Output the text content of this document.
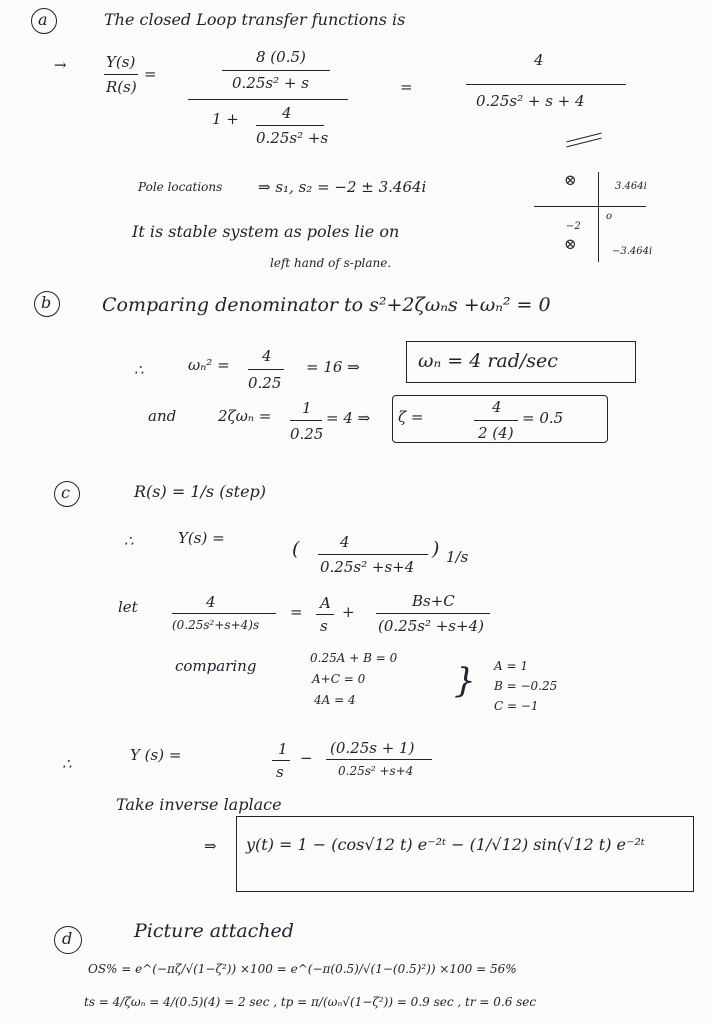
a	The closed Loop transfer functions is
→	Y(s)
R(s)
=
8 (0.5)
0.25s² + s
1 +	4
0.25s² +s
=
4
0.25s² + s + 4
Pole locations ⇒ s₁, s₂ = −2 ± 3.464i
It is stable system as poles lie on
left hand of s-plane.
⊗
⊗
3.464i
−3.464i
−2
o
b	Comparing denominator to s²+2ζωₙs +ωₙ² = 0
∴	ωₙ² = 4
0.25
= 16 ⇒	ωₙ = 4 rad/sec
and	2ζωₙ = 1
0.25
= 4 ⇒ ζ =
4
2 (4)
= 0.5
c	R(s) = 1/s (step)
∴	Y(s) =	(	4
0.25s² +s+4
) 1/s
let	4
(0.25s²+s+4)s
= A
s
+
Bs+C
(0.25s² +s+4)
comparing	0.25A + B = 0
A+C = 0
4A = 4	} A = 1
B = −0.25
C = −1
∴	Y (s) =	1
s
−
(0.25s + 1)
0.25s² +s+4
Take inverse laplace
⇒ y(t) = 1 − (cos√12 t) e⁻²ᵗ − (1/√12) sin(√12 t) e⁻²ᵗ
d	Picture attached
OS% = e^(−πζ/√(1−ζ²)) ×100 = e^(−π(0.5)/√(1−(0.5)²)) ×100 = 56%
ts = 4/ζωₙ = 4/(0.5)(4) = 2 sec , tp = π/(ωₙ√(1−ζ²)) = 0.9 sec , tr = 0.6 sec
